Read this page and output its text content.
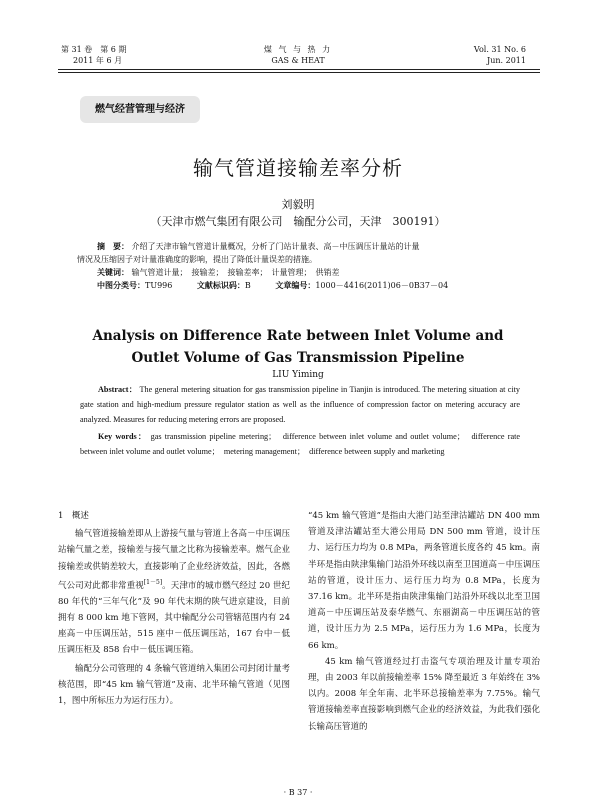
第 31 卷　第 6 期
2011 年 6 月
煤 气 与 热 力
GAS & HEAT
Vol. 31 No. 6
Jun. 2011
燃气经营管理与经济
输气管道接输差率分析
刘毅明
（天津市燃气集团有限公司　输配分公司，天津　300191）
摘　要： 介绍了天津市输气管道计量概况，分析了门站计量表、高－中压调压计量站的计量
情况及压缩因子对计量准确度的影响，提出了降低计量误差的措施。
关键词： 输气管道计量；　接输差；　接输差率；　计量管理；　供销差
中图分类号：TU996	文献标识码：B	文章编号：1000－4416(2011)06－0B37－04
Analysis on Difference Rate between Inlet Volume and
Outlet Volume of Gas Transmission Pipeline
LIU Yiming
Abstract： The general metering situation for gas transmission pipeline in Tianjin is introduced. The metering situation at city gate station and high-medium pressure regulator station as well as the influence of compression factor on metering accuracy are analyzed. Measures for reducing metering errors are proposed.
Key words： gas transmission pipeline metering；　difference between inlet volume and outlet volume；　difference rate between inlet volume and outlet volume；　metering management；　difference between supply and marketing

1　概述

输气管道接输差即从上游接气量与管道上各高－中压调压站输气量之差，接输差与接气量之比称为接输差率。燃气企业接输差或供销差较大，直接影响了企业经济效益，因此，各燃气公司对此都非常重视[1－5]。天津市的城市燃气经过 20 世纪 80 年代的“三年气化”及 90 年代末期的陕气进京建设，目前拥有 8 000 km 地下管网，其中输配分公司管辖范围内有 24 座高－中压调压站，515 座中－低压调压站，167 台中－低压调压柜及 858 台中－低压调压箱。

输配分公司管理的 4 条输气管道纳入集团公司封闭计量考核范围，即“45 km 输气管道”及南、北半环输气管道（见图 1，图中所标压力为运行压力）。

“45 km 输气管道”是指由大港门站至津沽罐站 DN 400 mm 管道及津沽罐站至大港公用局 DN 500 mm 管道，设计压力、运行压力均为 0.8 MPa，两条管道长度各约 45 km。南半环是指由陕津集输门站沿外环线以南至卫国道高－中压调压站的管道，设计压力、运行压力均为 0.8 MPa，长度为 37.16 km。北半环是指由陕津集输门站沿外环线以北至卫国道高－中压调压站及泰华燃气、东丽湖高－中压调压站的管道，设计压力为 2.5 MPa，运行压力为 1.6 MPa，长度为 66 km。

45 km 输气管道经过打击盗气专项治理及计量专项治理，由 2003 年以前接输差率 15% 降至最近 3 年始终在 3% 以内。2008 年全年南、北半环总接输差率为 7.75%。输气管道接输差率直接影响到燃气企业的经济效益，为此我们强化长输高压管道的

· B 37 ·
